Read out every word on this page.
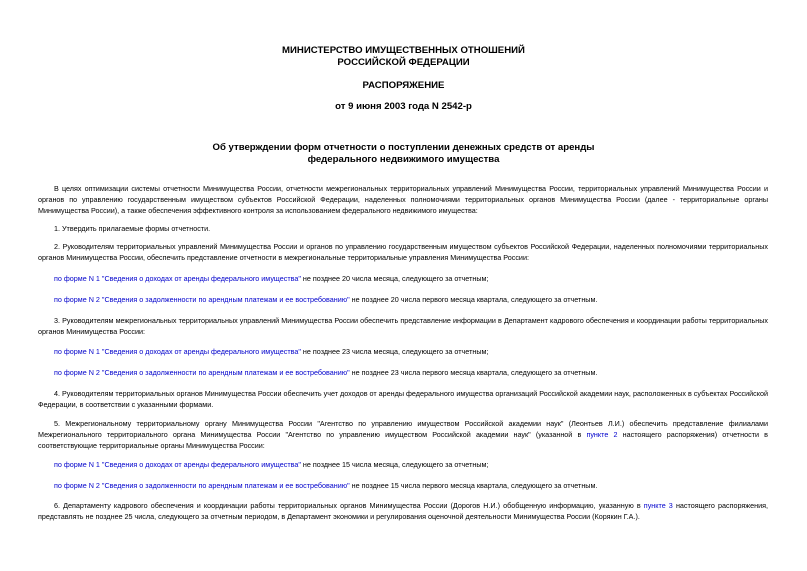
МИНИСТЕРСТВО ИМУЩЕСТВЕННЫХ ОТНОШЕНИЙ
РОССИЙСКОЙ ФЕДЕРАЦИИ
РАСПОРЯЖЕНИЕ
от 9 июня 2003 года N 2542-р
Об утверждении форм отчетности о поступлении денежных средств от аренды
федерального недвижимого имущества
В целях оптимизации системы отчетности Минимущества России, отчетности межрегиональных территориальных управлений Минимущества России, территориальных управлений Минимущества России и органов по управлению государственным имуществом субъектов Российской Федерации, наделенных полномочиями территориальных органов Минимущества России (далее - территориальные органы Минимущества России), а также обеспечения эффективного контроля за использованием федерального недвижимого имущества:
1. Утвердить прилагаемые формы отчетности.
2. Руководителям территориальных управлений Минимущества России и органов по управлению государственным имуществом субъектов Российской Федерации, наделенных полномочиями территориальных органов Минимущества России, обеспечить представление отчетности в межрегиональные территориальные управления Минимущества России:
по форме N 1 "Сведения о доходах от аренды федерального имущества" не позднее 20 числа месяца, следующего за отчетным;
по форме N 2 "Сведения о задолженности по арендным платежам и ее востребованию" не позднее 20 числа первого месяца квартала, следующего за отчетным.
3. Руководителям межрегиональных территориальных управлений Минимущества России обеспечить представление информации в Департамент кадрового обеспечения и координации работы территориальных органов Минимущества России:
по форме N 1 "Сведения о доходах от аренды федерального имущества" не позднее 23 числа месяца, следующего за отчетным;
по форме N 2 "Сведения о задолженности по арендным платежам и ее востребованию" не позднее 23 числа первого месяца квартала, следующего за отчетным.
4. Руководителям территориальных органов Минимущества России обеспечить учет доходов от аренды федерального имущества организаций Российской академии наук, расположенных в субъектах Российской Федерации, в соответствии с указанными формами.
5. Межрегиональному территориальному органу Минимущества России "Агентство по управлению имуществом Российской академии наук" (Леонтьев Л.И.) обеспечить представление филиалами Межрегионального территориального органа Минимущества России "Агентство по управлению имуществом Российской академии наук" (указанной в пункте 2 настоящего распоряжения) отчетности в соответствующие территориальные органы Минимущества России:
по форме N 1 "Сведения о доходах от аренды федерального имущества" не позднее 15 числа месяца, следующего за отчетным;
по форме N 2 "Сведения о задолженности по арендным платежам и ее востребованию" не позднее 15 числа первого месяца квартала, следующего за отчетным.
6. Департаменту кадрового обеспечения и координации работы территориальных органов Минимущества России (Дорогов Н.И.) обобщенную информацию, указанную в пункте 3 настоящего распоряжения, представлять не позднее 25 числа, следующего за отчетным периодом, в Департамент экономики и регулирования оценочной деятельности Минимущества России (Корякин Г.А.).
